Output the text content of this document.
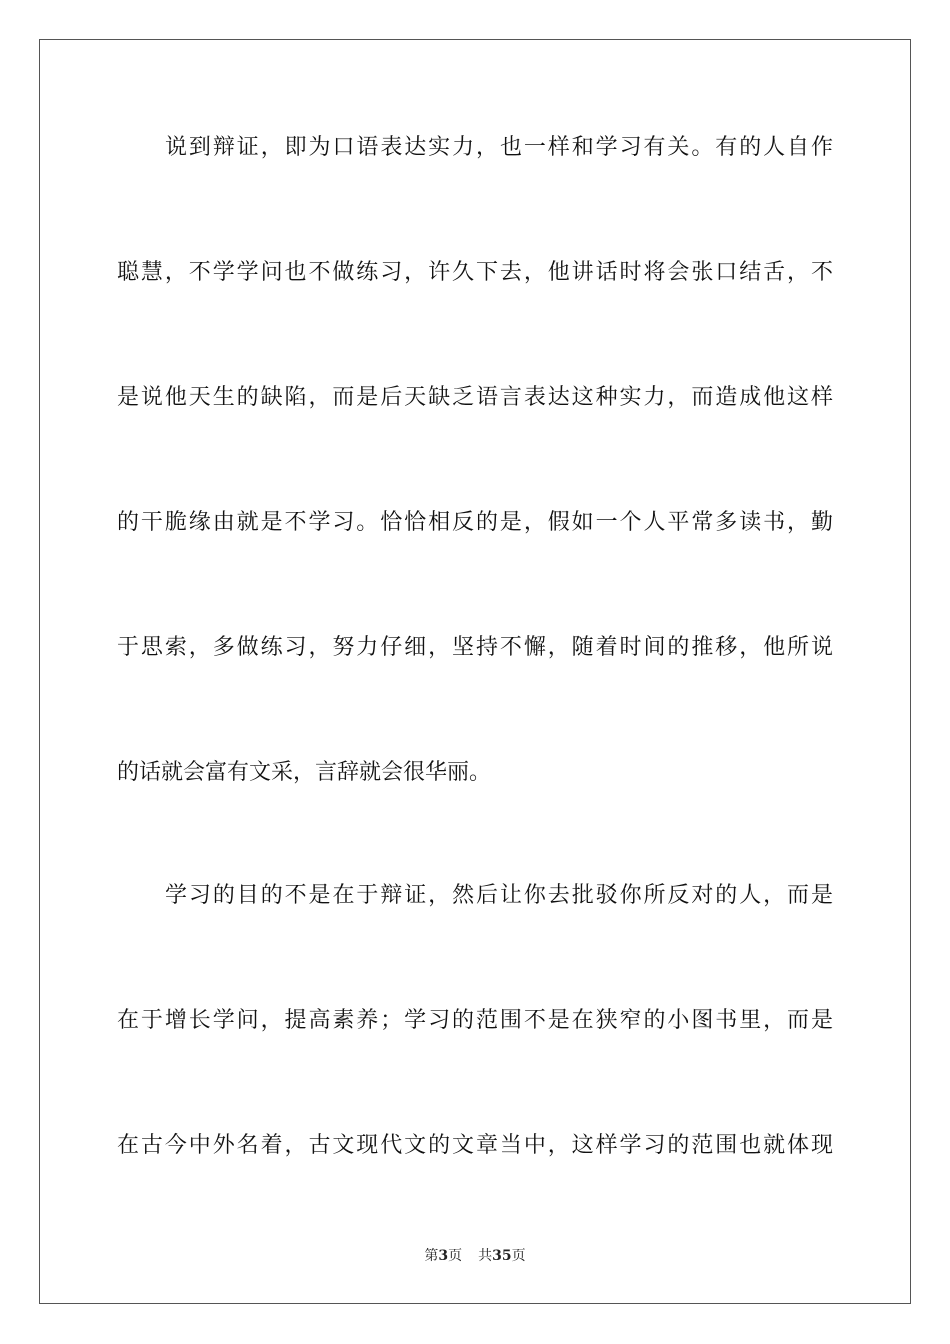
说到辩证，即为口语表达实力，也一样和学习有关。有的人自作
聪慧，不学学问也不做练习，许久下去，他讲话时将会张口结舌，不
是说他天生的缺陷，而是后天缺乏语言表达这种实力，而造成他这样
的干脆缘由就是不学习。恰恰相反的是，假如一个人平常多读书，勤
于思索，多做练习，努力仔细，坚持不懈，随着时间的推移，他所说
的话就会富有文采，言辞就会很华丽。
学习的目的不是在于辩证，然后让你去批驳你所反对的人，而是
在于增长学问，提高素养；学习的范围不是在狭窄的小图书里，而是
在古今中外名着，古文现代文的文章当中，这样学习的范围也就体现
第3页 共35页
